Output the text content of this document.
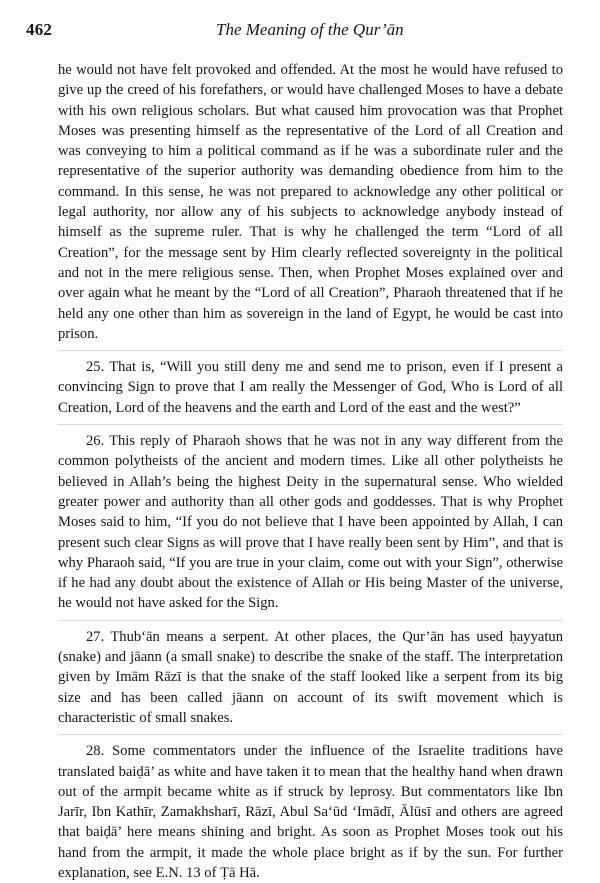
462	The Meaning of the Qur’ān

he would not have felt provoked and offended. At the most he would have refused to give up the creed of his forefathers, or would have challenged Moses to have a debate with his own religious scholars. But what caused him provocation was that Prophet Moses was presenting himself as the representative of the Lord of all Creation and was conveying to him a political command as if he was a subordinate ruler and the representative of the superior authority was demanding obedience from him to the command. In this sense, he was not prepared to acknowledge any other political or legal authority, nor allow any of his subjects to acknowledge anybody instead of himself as the supreme ruler. That is why he challenged the term “Lord of all Creation”, for the message sent by Him clearly reflected sovereignty in the political and not in the mere religious sense. Then, when Prophet Moses explained over and over again what he meant by the “Lord of all Creation”, Pharaoh threatened that if he held any one other than him as sovereign in the land of Egypt, he would be cast into prison.

25. That is, “Will you still deny me and send me to prison, even if I present a convincing Sign to prove that I am really the Messenger of God, Who is Lord of all Creation, Lord of the heavens and the earth and Lord of the east and the west?”

26. This reply of Pharaoh shows that he was not in any way different from the common polytheists of the ancient and modern times. Like all other polytheists he believed in Allah’s being the highest Deity in the supernatural sense. Who wielded greater power and authority than all other gods and goddesses. That is why Prophet Moses said to him, “If you do not believe that I have been appointed by Allah, I can present such clear Signs as will prove that I have really been sent by Him”, and that is why Pharaoh said, “If you are true in your claim, come out with your Sign”, otherwise if he had any doubt about the existence of Allah or His being Master of the universe, he would not have asked for the Sign.

27. Thub‘ān means a serpent. At other places, the Qur’ān has used ḥayyatun (snake) and jāann (a small snake) to describe the snake of the staff. The interpretation given by Imām Rāzī is that the snake of the staff looked like a serpent from its big size and has been called jāann on account of its swift movement which is characteristic of small snakes.

28. Some commentators under the influence of the Israelite traditions have translated baiḍā’ as white and have taken it to mean that the healthy hand when drawn out of the armpit became white as if struck by leprosy. But commentators like Ibn Jarīr, Ibn Kathīr, Zamakhsharī, Rāzī, Abul Sa‘ūd ‘Imādī, Ālūsī and others are agreed that baiḍā’ here means shining and bright. As soon as Prophet Moses took out his hand from the armpit, it made the whole place bright as if by the sun. For further explanation, see E.N. 13 of Ṭā Hā.
